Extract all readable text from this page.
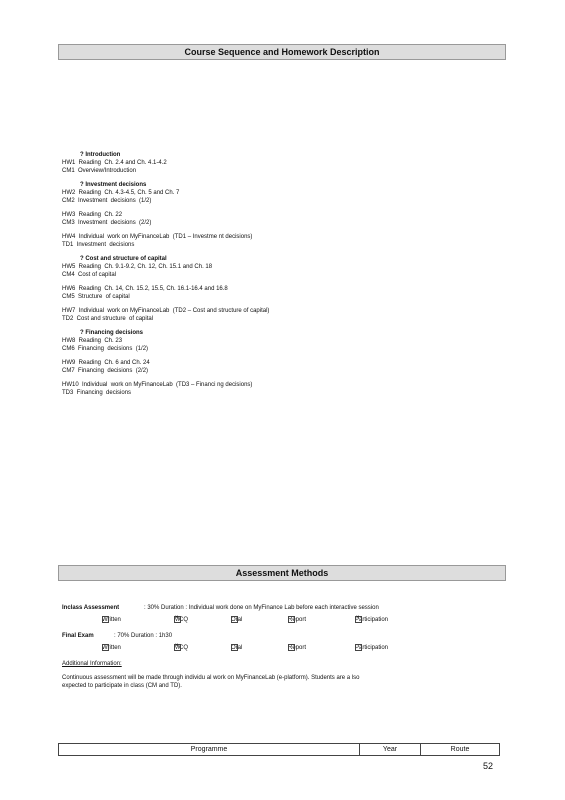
Course Sequence and Homework Description
? Introduction
HW1  Reading  Ch. 2.4 and Ch. 4.1-4.2
CM1  Overview/Introduction
? Investment decisions
HW2  Reading  Ch. 4.3-4.5, Ch. 5 and Ch. 7
CM2  Investment  decisions  (1/2)
HW3  Reading  Ch. 22
CM3  Investment  decisions  (2/2)
HW4  Individual  work on MyFinanceLab  (TD1 – Investme nt decisions)
TD1  Investment  decisions
? Cost and structure of capital
HW5  Reading  Ch. 9.1-9.2, Ch. 12, Ch. 15.1 and Ch. 18
CM4  Cost of capital
HW6  Reading  Ch. 14, Ch. 15.2, 15.5, Ch. 16.1-16.4 and 16.8
CM5  Structure  of capital
HW7  Individual  work on MyFinanceLab  (TD2 – Cost and structure of capital)
TD2  Cost and structure  of capital
? Financing decisions
HW8  Reading  Ch. 23
CM6  Financing  decisions  (1/2)
HW9  Reading  Ch. 6 and Ch. 24
CM7  Financing  decisions  (2/2)
HW10  Individual  work on MyFinanceLab  (TD3 – Financi ng decisions)
TD3  Financing  decisions
Assessment Methods
Inclass Assessment	: 30% Duration : Individual work done on MyFinance Lab before each interactive session
Written ×	MCQ	Oral	Report ×	Participation
Final Exam	: 70% Duration : 1h30
Written ×	MCQ	Oral	Report	Participation
Additional Information:
Continuous assessment will be made through individu al work on MyFinanceLab (e-platform). Students are a lso
expected to participate in class (CM and TD).
Programme	Year	Route
52
